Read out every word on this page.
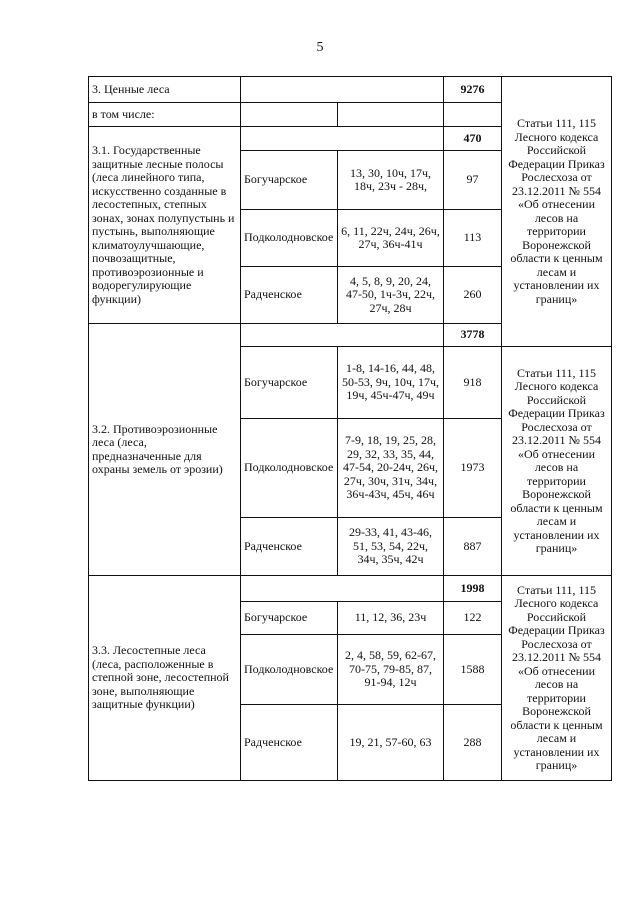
5
3. Ценные леса			9276	Статьи 111, 115 Лесного кодекса Российской Федерации Приказ Рослесхоза от 23.12.2011 № 554 «Об отнесении лесов на территории Воронежской области к ценным лесам и установлении их границ»
в том числе:				
3.1. Государственные защитные лесные полосы (леса линейного типа, искусственно созданные в лесостепных, степных зонах, зонах полупустынь и пустынь, выполняющие климатоулучшающие, почвозащитные, противоэрозионные и водорегулирующие функции)			470	
	Богучарское	13, 30, 10ч, 17ч, 18ч, 23ч - 28ч,	97	
	Подколодновское	6, 11, 22ч, 24ч, 26ч, 27ч, 36ч-41ч	113	
	Радченское	4, 5, 8, 9, 20, 24, 47-50, 1ч-3ч, 22ч, 27ч, 28ч	260	
3.2. Противоэрозионные леса (леса, предназначенные для охраны земель от эрозии)			3778	
	Богучарское	1-8, 14-16, 44, 48, 50-53, 9ч, 10ч, 17ч, 19ч, 45ч-47ч, 49ч	918	Статьи 111, 115 Лесного кодекса Российской Федерации Приказ Рослесхоза от 23.12.2011 № 554 «Об отнесении лесов на территории Воронежской области к ценным лесам и установлении их границ»
	Подколодновское	7-9, 18, 19, 25, 28, 29, 32, 33, 35, 44, 47-54, 20-24ч, 26ч, 27ч, 30ч, 31ч, 34ч, 36ч-43ч, 45ч, 46ч	1973	
	Радченское	29-33, 41, 43-46, 51, 53, 54, 22ч, 34ч, 35ч, 42ч	887	
3.3. Лесостепные леса (леса, расположенные в степной зоне, лесостепной зоне, выполняющие защитные функции)			1998	Статьи 111, 115 Лесного кодекса Российской Федерации Приказ Рослесхоза от 23.12.2011 № 554 «Об отнесении лесов на территории Воронежской области к ценным лесам и установлении их границ»
	Богучарское	11, 12, 36, 23ч	122	
	Подколодновское	2, 4, 58, 59, 62-67, 70-75, 79-85, 87, 91-94, 12ч	1588	
	Радченское	19, 21, 57-60, 63	288	
